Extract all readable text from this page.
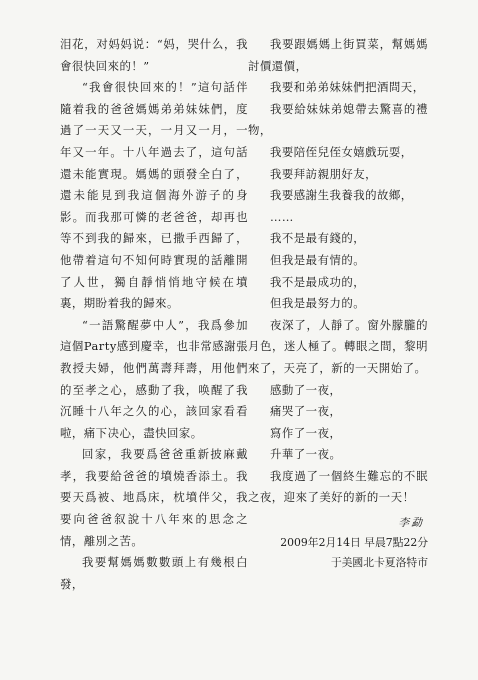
泪花，对妈妈说：“妈，哭什么，我會很快回來的！”

“我會很快回來的！”這句話伴隨着我的爸爸媽媽弟弟妹妹們，度過了一天又一天，一月又一月，一年又一年。十八年過去了，這句話還未能實現。媽媽的頭發全白了，還未能見到我這個海外游子的身影。而我那可憐的老爸爸，却再也等不到我的歸來，已撒手西歸了，他帶着這句不知何時實現的話離開了人世，獨自靜悄悄地守候在墳裏，期盼着我的歸來。

“一語驚醒夢中人”，我爲參加這個Party感到慶幸，也非常感謝張教授夫婦，他們萬壽拜壽，用他們的至孝之心，感動了我，唤醒了我沉睡十八年之久的心，該回家看看啦，痛下决心，盡快回家。

回家，我要爲爸爸重新披麻戴孝，我要給爸爸的墳燒香添土。我要天爲被、地爲床，枕墳伴父，我要向爸爸叙說十八年來的思念之情，離別之苦。

我要幫媽媽數數頭上有幾根白發，

我要跟媽媽上街買菜，幫媽媽討價還價，

我要和弟弟妹妹們把酒問天，

我要給妹妹弟媳帶去驚喜的禮物，

我要陪侄兒侄女嬉戲玩耍，

我要拜訪親朋好友，

我要感謝生我養我的故鄉，

……

我不是最有錢的，

但我是最有情的。

我不是最成功的，

但我是最努力的。

夜深了，人靜了。窗外朦朧的月色，迷人極了。轉眼之間，黎明來了，天亮了，新的一天開始了。

感動了一夜，

痛哭了一夜，

寫作了一夜，

升華了一夜。

我度過了一個終生難忘的不眠之夜，迎來了美好的新的一天！

李勐

2009年2月14日 早晨7點22分

于美國北卡夏洛特市
